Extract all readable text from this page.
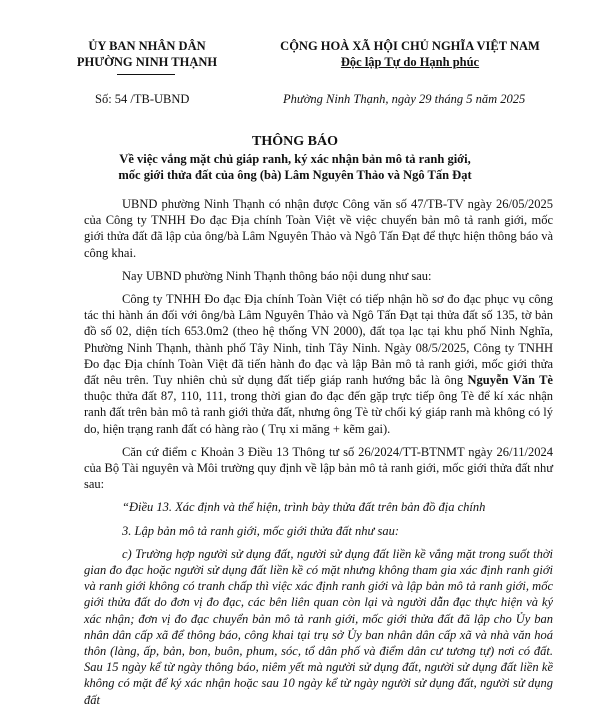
ỦY BAN NHÂN DÂN
PHƯỜNG NINH THẠNH
CỘNG HOÀ XÃ HỘI CHỦ NGHĨA VIỆT NAM
Độc lập Tự do Hạnh phúc
Số: 54 /TB-UBND	Phường Ninh Thạnh, ngày 29 tháng 5 năm 2025
THÔNG BÁO
Về việc vắng mặt chủ giáp ranh, ký xác nhận bản mô tả ranh giới,
mốc giới thửa đất của ông (bà) Lâm Nguyên Thảo và Ngô Tấn Đạt

UBND phường Ninh Thạnh có nhận được Công văn số 47/TB-TV ngày 26/05/2025 của Công ty TNHH Đo đạc Địa chính Toàn Việt về việc chuyển bản mô tả ranh giới, mốc giới thửa đất đã lập của ông/bà Lâm Nguyên Thảo và Ngô Tấn Đạt để thực hiện thông báo và công khai.

Nay UBND phường Ninh Thạnh thông báo nội dung như sau:

Công ty TNHH Đo đạc Địa chính Toàn Việt có tiếp nhận hồ sơ đo đạc phục vụ công tác thi hành án đối với ông/bà Lâm Nguyên Thảo và Ngô Tấn Đạt tại thửa đất số 135, tờ bản đồ số 02, diện tích 653.0m2 (theo hệ thống VN 2000), đất tọa lạc tại khu phố Ninh Nghĩa, Phường Ninh Thạnh, thành phố Tây Ninh, tỉnh Tây Ninh. Ngày 08/5/2025, Công ty TNHH Đo đạc Địa chính Toàn Việt đã tiến hành đo đạc và lập Bản mô tả ranh giới, mốc giới thửa đất nêu trên. Tuy nhiên chủ sử dụng đất tiếp giáp ranh hướng bắc là ông Nguyễn Văn Tè thuộc thửa đất 87, 110, 111, trong thời gian đo đạc đến gặp trực tiếp ông Tè để kí xác nhận ranh đất trên bản mô tả ranh giới thửa đất, nhưng ông Tè từ chối ký giáp ranh mà không có lý do, hiện trạng ranh đất có hàng rào ( Trụ xi măng + kẽm gai).

Căn cứ điểm c Khoản 3 Điều 13 Thông tư số 26/2024/TT-BTNMT ngày 26/11/2024 của Bộ Tài nguyên và Môi trường quy định về lập bản mô tả ranh giới, mốc giới thửa đất như sau:

“Điều 13. Xác định và thể hiện, trình bày thửa đất trên bản đồ địa chính

3. Lập bản mô tả ranh giới, mốc giới thửa đất như sau:

c) Trường hợp người sử dụng đất, người sử dụng đất liền kề vắng mặt trong suốt thời gian đo đạc hoặc người sử dụng đất liền kề có mặt nhưng không tham gia xác định ranh giới và ranh giới không có tranh chấp thì việc xác định ranh giới và lập bản mô tả ranh giới, mốc giới thửa đất do đơn vị đo đạc, các bên liên quan còn lại và người dẫn đạc thực hiện và ký xác nhận; đơn vị đo đạc chuyển bản mô tả ranh giới, mốc giới thửa đất đã lập cho Ủy ban nhân dân cấp xã để thông báo, công khai tại trụ sở Ủy ban nhân dân cấp xã và nhà văn hoá thôn (làng, ấp, bản, bon, buôn, phum, sóc, tổ dân phố và điểm dân cư tương tự) nơi có đất. Sau 15 ngày kể từ ngày thông báo, niêm yết mà người sử dụng đất, người sử dụng đất liền kề không có mặt để ký xác nhận hoặc sau 10 ngày kể từ ngày người sử dụng đất, người sử dụng đất
